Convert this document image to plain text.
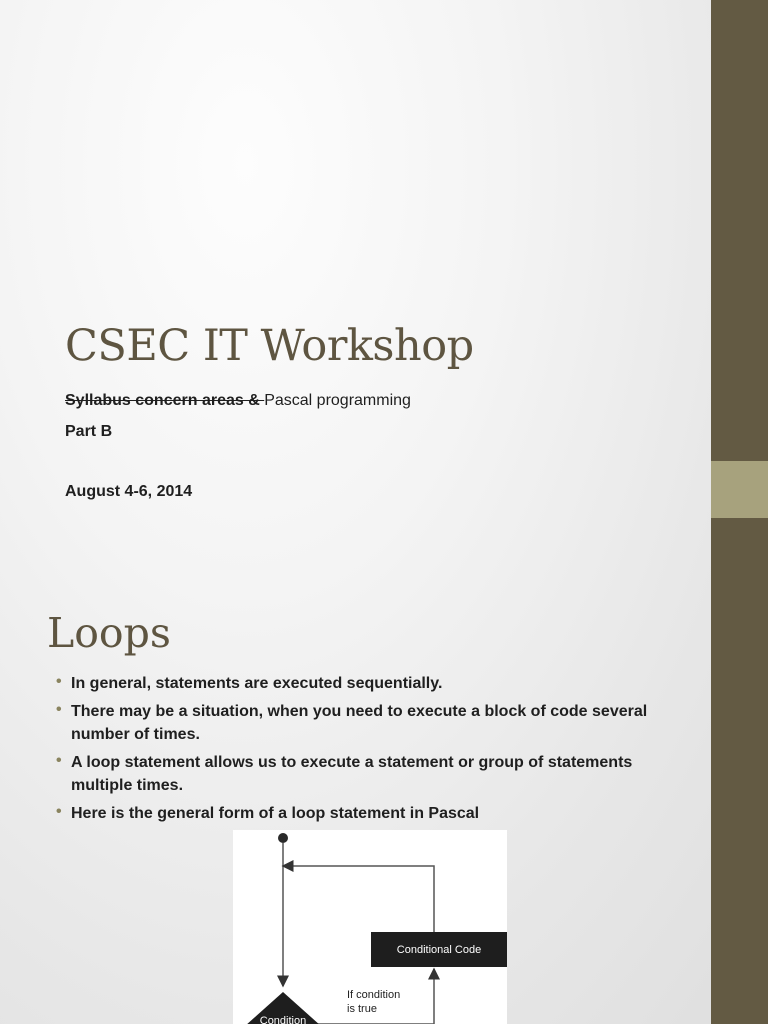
CSEC IT Workshop
Syllabus concern areas & Pascal programming
Part B
August 4-6, 2014
Loops
• In general, statements are executed sequentially.
• There may be a situation, when you need to execute a block of code several number of times.
• A loop statement allows us to execute a statement or group of statements multiple times.
• Here is the general form of a loop statement in Pascal
Conditional Code
If condition
is true
Condition
